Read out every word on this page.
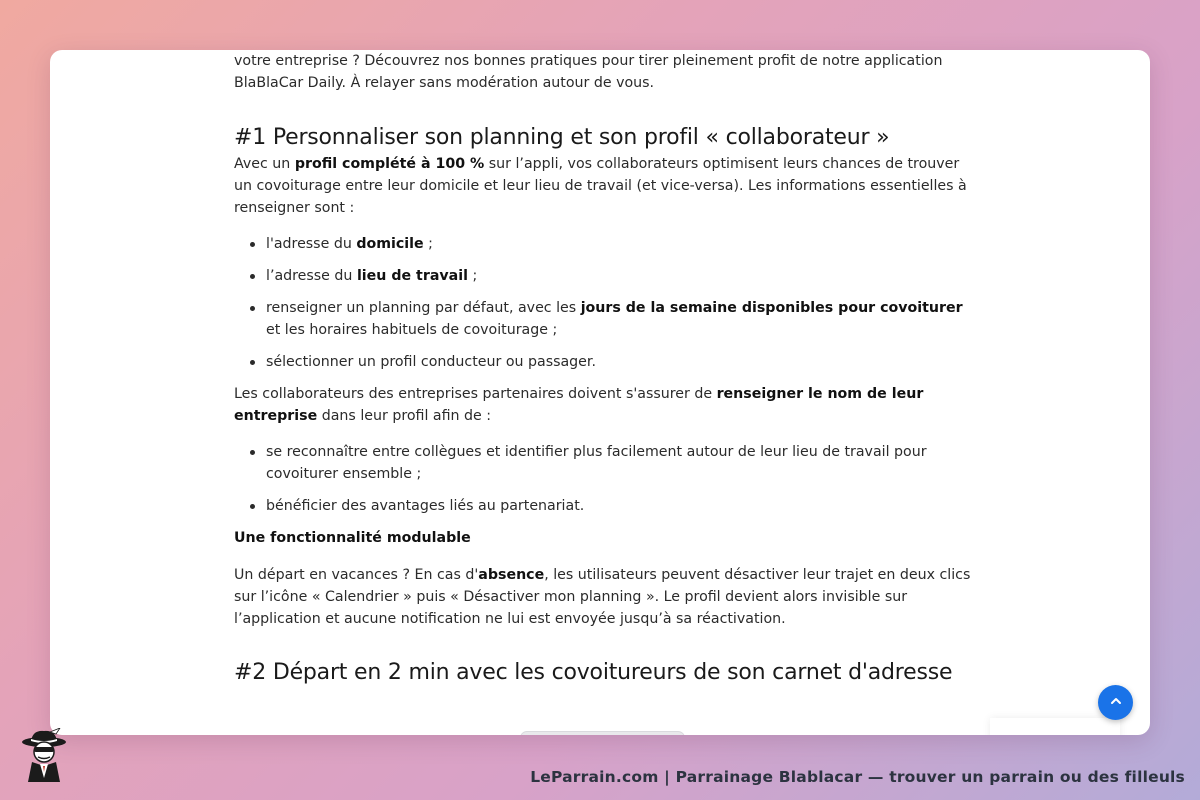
votre entreprise ? Découvrez nos bonnes pratiques pour tirer pleinement profit de notre application BlaBlaCar Daily. À relayer sans modération autour de vous.

#1 Personnaliser son planning et son profil « collaborateur »

Avec un profil complété à 100 % sur l’appli, vos collaborateurs optimisent leurs chances de trouver un covoiturage entre leur domicile et leur lieu de travail (et vice-versa). Les informations essentielles à renseigner sont :

l'adresse du domicile ;
l’adresse du lieu de travail ;
renseigner un planning par défaut, avec les jours de la semaine disponibles pour covoiturer et les horaires habituels de covoiturage ;
sélectionner un profil conducteur ou passager.

Les collaborateurs des entreprises partenaires doivent s'assurer de renseigner le nom de leur entreprise dans leur profil afin de :

se reconnaître entre collègues et identifier plus facilement autour de leur lieu de travail pour covoiturer ensemble ;
bénéficier des avantages liés au partenariat.

Une fonctionnalité modulable

Un départ en vacances ? En cas d'absence, les utilisateurs peuvent désactiver leur trajet en deux clics sur l’icône « Calendrier » puis « Désactiver mon planning ». Le profil devient alors invisible sur l’application et aucune notification ne lui est envoyée jusqu’à sa réactivation.

#2 Départ en 2 min avec les covoitureurs de son carnet d'adresse
LeParrain.com | Parrainage Blablacar — trouver un parrain ou des filleuls
